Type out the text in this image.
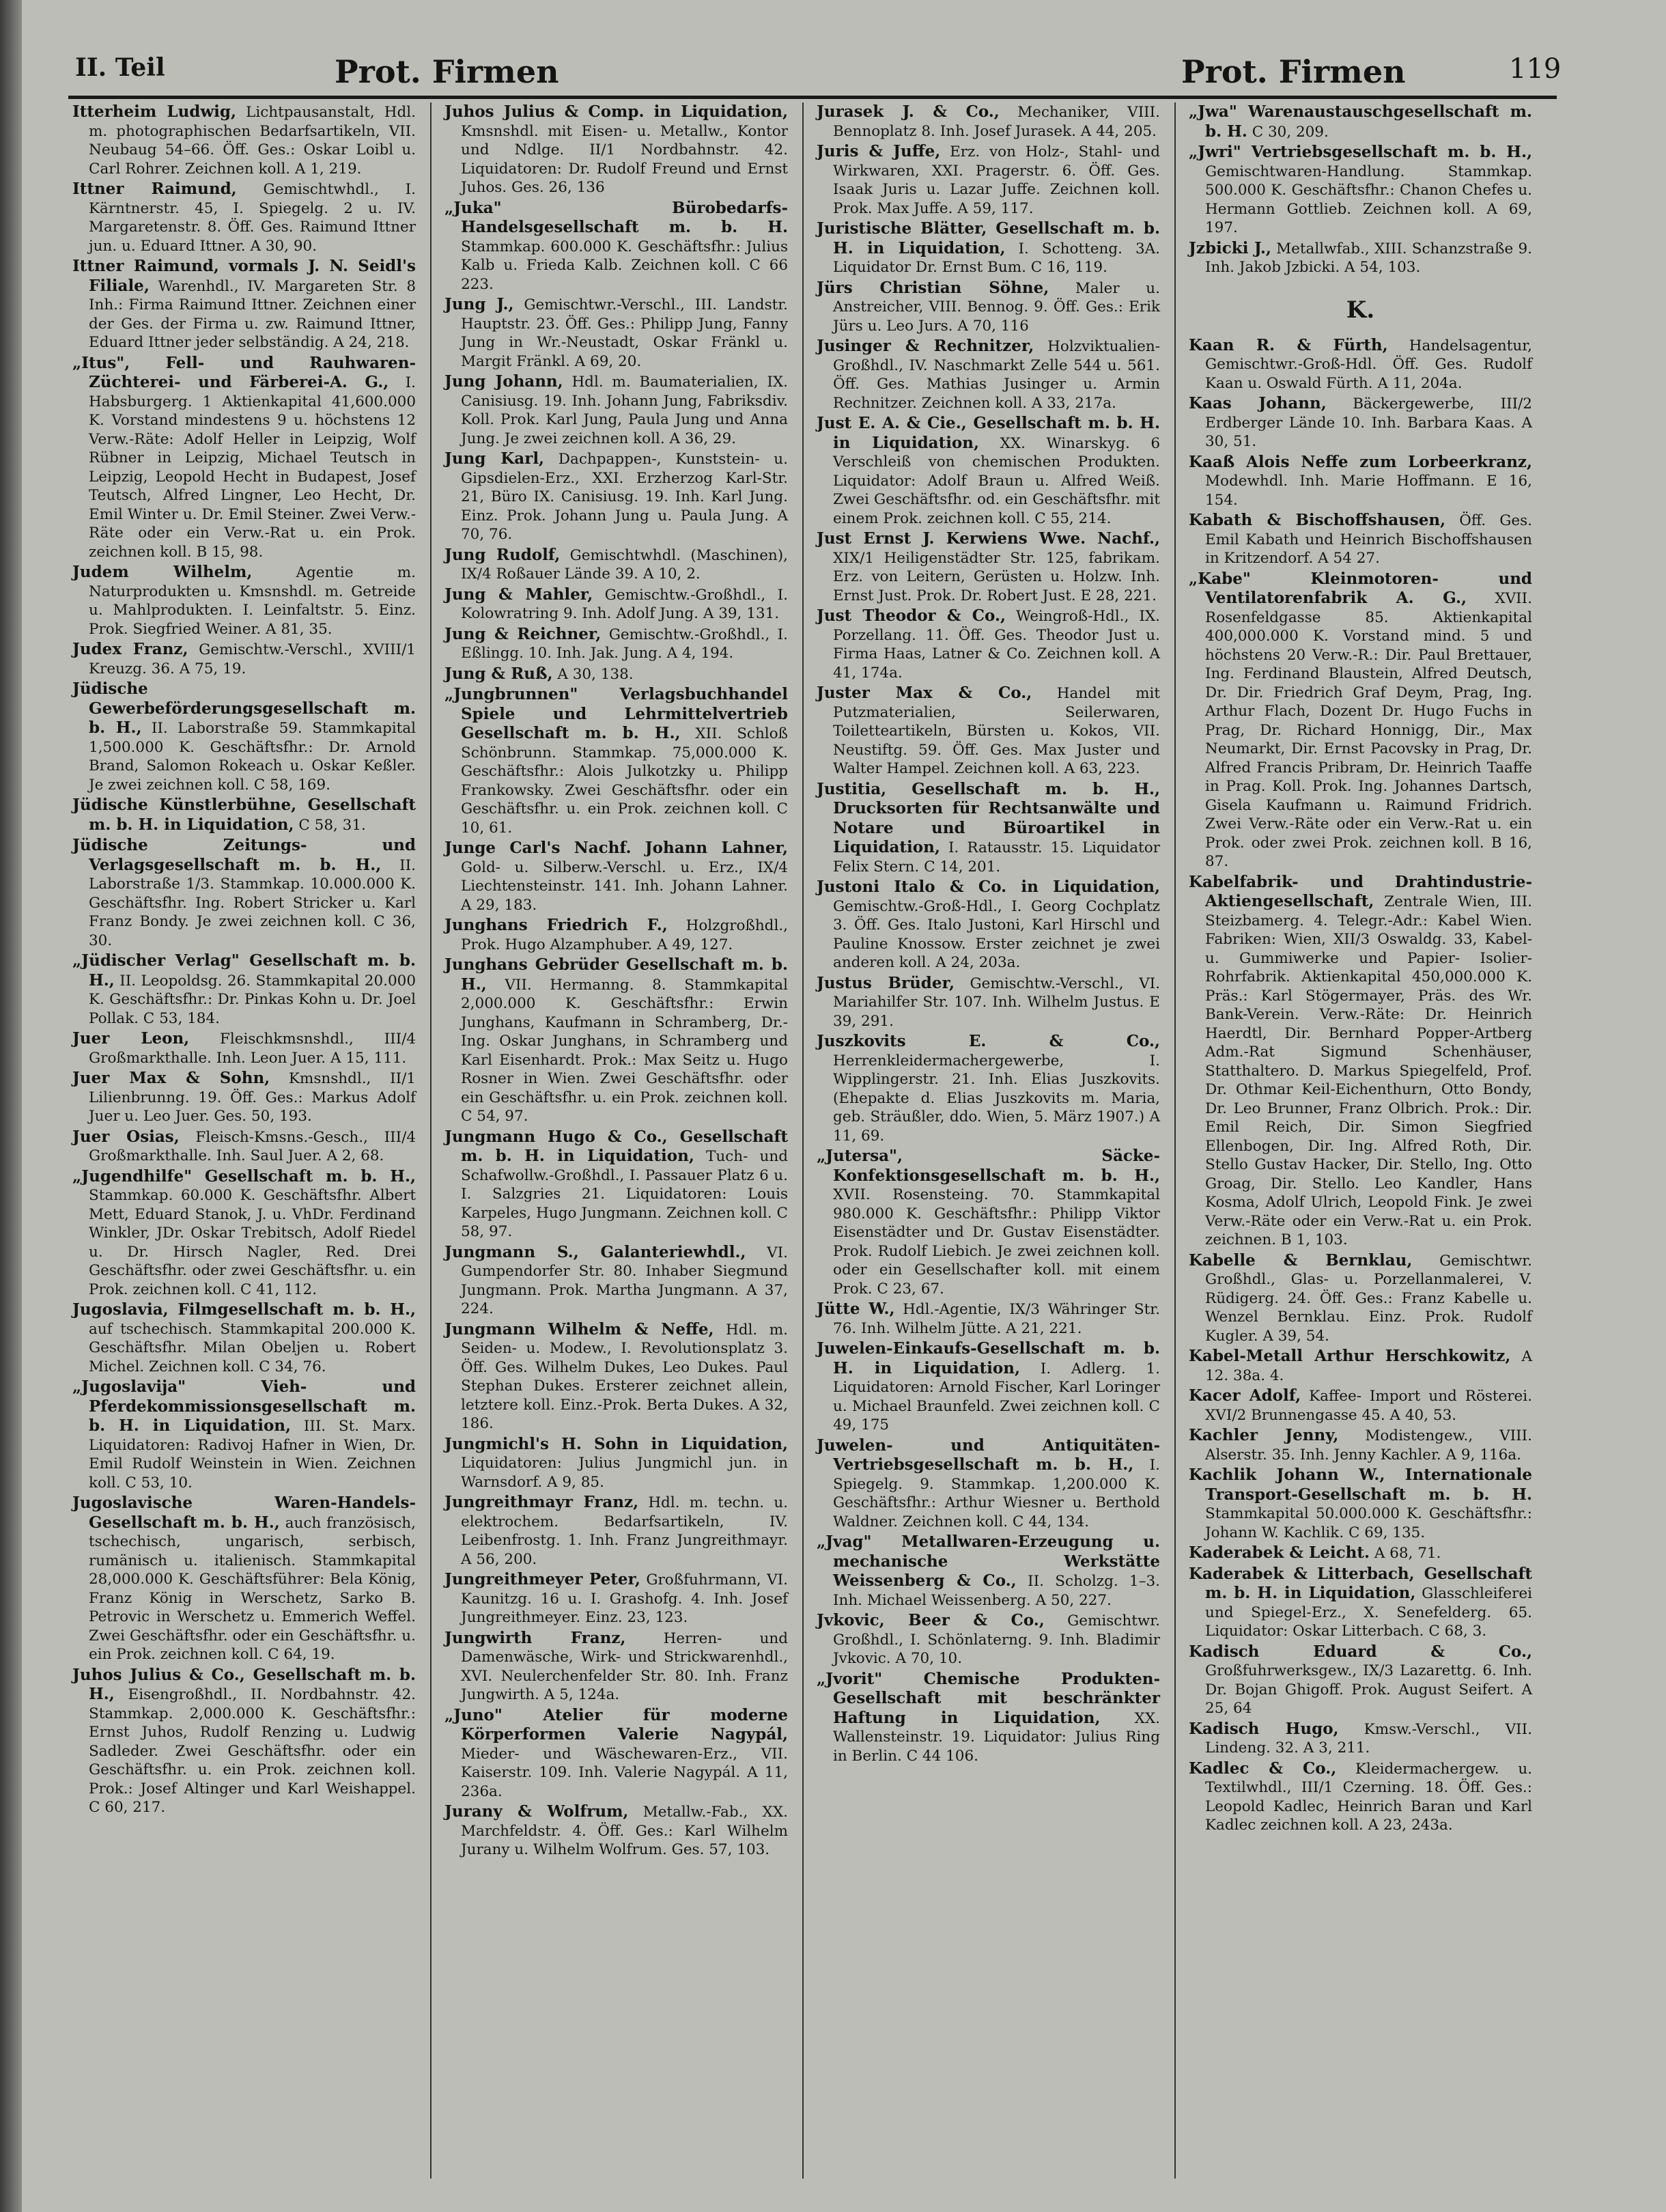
II. Teil	Prot. Firmen	Prot. Firmen	119

Itterheim Ludwig, Lichtpausanstalt, Hdl. m. photographischen Bedarfsartikeln, VII. Neubaug 54–66. Öff. Ges.: Oskar Loibl u. Carl Rohrer. Zeichnen koll. A 1, 219.

Ittner Raimund, Gemischtwhdl., I. Kärntnerstr. 45, I. Spiegelg. 2 u. IV. Margaretenstr. 8. Öff. Ges. Raimund Ittner jun. u. Eduard Ittner. A 30, 90.

Ittner Raimund, vormals J. N. Seidl's Filiale, Warenhdl., IV. Margareten Str. 8 Inh.: Firma Raimund Ittner. Zeichnen einer der Ges. der Firma u. zw. Raimund Ittner, Eduard Ittner jeder selbständig. A 24, 218.

„Itus", Fell- und Rauhwaren-Züchterei- und Färberei-A. G., I. Habsburgerg. 1 Aktienkapital 41,600.000 K. Vorstand mindestens 9 u. höchstens 12 Verw.-Räte: Adolf Heller in Leipzig, Wolf Rübner in Leipzig, Michael Teutsch in Leipzig, Leopold Hecht in Budapest, Josef Teutsch, Alfred Lingner, Leo Hecht, Dr. Emil Winter u. Dr. Emil Steiner. Zwei Verw.-Räte oder ein Verw.-Rat u. ein Prok. zeichnen koll. B 15, 98.

Judem Wilhelm,	Agentie m. Naturprodukten u. Kmsnshdl. m. Getreide u. Mahlprodukten. I. Leinfaltstr. 5. Einz. Prok. Siegfried Weiner. A 81, 35.

Judex Franz, Gemischtw.-Verschl., XVIII/1 Kreuzg. 36. A 75, 19.

Jüdische Gewerbeförderungsgesellschaft m. b. H., II. Laborstraße 59. Stammkapital 1,500.000 K. Geschäftsfhr.: Dr. Arnold Brand, Salomon Rokeach u. Oskar Keßler. Je zwei zeichnen koll. C 58, 169.

Jüdische Künstlerbühne, Gesellschaft m. b. H. in Liquidation, C 58, 31.

Jüdische Zeitungs- und Verlagsgesellschaft m. b. H., II. Laborstraße 1/3. Stammkap. 10.000.000 K. Geschäftsfhr. Ing. Robert Stricker u. Karl Franz Bondy. Je zwei zeichnen koll. C 36, 30.

„Jüdischer Verlag" Gesellschaft m. b. H., II. Leopoldsg. 26. Stammkapital 20.000 K. Geschäftsfhr.: Dr. Pinkas Kohn u. Dr. Joel Pollak. C 53, 184.

Juer Leon, Fleischkmsnshdl., III/4 Großmarkthalle. Inh. Leon Juer. A 15, 111.

Juer Max & Sohn, Kmsnshdl., II/1 Lilienbrunng. 19. Öff. Ges.: Markus Adolf Juer u. Leo Juer. Ges. 50, 193.

Juer Osias, Fleisch-Kmsns.-Gesch., III/4 Großmarkthalle. Inh. Saul Juer. A 2, 68.

„Jugendhilfe" Gesellschaft m. b. H., Stammkap. 60.000 K. Geschäftsfhr. Albert Mett, Eduard Stanok, J. u. VhDr. Ferdinand Winkler, JDr. Oskar Trebitsch, Adolf Riedel u. Dr. Hirsch Nagler, Red. Drei Geschäftsfhr. oder zwei Geschäftsfhr. u. ein Prok. zeichnen koll. C 41, 112.

Jugoslavia, Filmgesellschaft m. b. H., auf tschechisch. Stammkapital 200.000 K. Geschäftsfhr. Milan Obeljen u. Robert Michel. Zeichnen koll. C 34, 76.

„Jugoslavija" Vieh- und Pferdekommissionsgesellschaft m. b. H. in Liquidation, III. St. Marx. Liquidatoren: Radivoj Hafner in Wien, Dr. Emil Rudolf Weinstein in Wien. Zeichnen koll. C 53, 10.

Jugoslavische Waren-Handels-Gesellschaft m. b. H., auch französisch, tschechisch, ungarisch, serbisch, rumänisch u. italienisch. Stammkapital 28,000.000 K. Geschäftsführer: Bela König, Franz König in Werschetz, Sarko B. Petrovic in Werschetz u. Emmerich Weffel. Zwei Geschäftsfhr. oder ein Geschäftsfhr. u. ein Prok. zeichnen koll. C 64, 19.

Juhos Julius & Co., Gesellschaft m. b. H., Eisengroßhdl., II. Nordbahnstr. 42. Stammkap. 2,000.000 K. Geschäftsfhr.: Ernst Juhos, Rudolf Renzing u. Ludwig Sadleder. Zwei Geschäftsfhr. oder ein Geschäftsfhr. u. ein Prok. zeichnen koll. Prok.: Josef Altinger und Karl Weishappel. C 60, 217.

Juhos Julius & Comp. in Liquidation, Kmsnshdl. mit Eisen- u. Metallw., Kontor und Ndlge. II/1 Nordbahnstr. 42. Liquidatoren: Dr. Rudolf Freund und Ernst Juhos. Ges. 26, 136

„Juka" Bürobedarfs-Handelsgesellschaft m. b. H. Stammkap. 600.000 K. Geschäftsfhr.: Julius Kalb u. Frieda Kalb. Zeichnen koll. C 66 223.

Jung J., Gemischtwr.-Verschl., III. Landstr. Hauptstr. 23. Öff. Ges.: Philipp Jung, Fanny Jung in Wr.-Neustadt, Oskar Fränkl u. Margit Fränkl. A 69, 20.

Jung Johann, Hdl. m. Baumaterialien, IX. Canisiusg. 19. Inh. Johann Jung, Fabriksdiv. Koll. Prok. Karl Jung, Paula Jung und Anna Jung. Je zwei zeichnen koll. A 36, 29.

Jung Karl, Dachpappen-, Kunststein- u. Gipsdielen-Erz., XXI. Erzherzog Karl-Str. 21, Büro IX. Canisiusg. 19. Inh. Karl Jung. Einz. Prok. Johann Jung u. Paula Jung. A 70, 76.

Jung Rudolf, Gemischtwhdl. (Maschinen), IX/4 Roßauer Lände 39. A 10, 2.

Jung & Mahler, Gemischtw.-Großhdl., I. Kolowratring 9. Inh. Adolf Jung. A 39, 131.

Jung & Reichner, Gemischtw.-Großhdl., I. Eßlingg. 10. Inh. Jak. Jung. A 4, 194.

Jung & Ruß, A 30, 138.

„Jungbrunnen" Verlagsbuchhandel Spiele und Lehrmittelvertrieb Gesellschaft m. b. H., XII. Schloß Schönbrunn. Stammkap. 75,000.000 K. Geschäftsfhr.: Alois Julkotzky u. Philipp Frankowsky. Zwei Geschäftsfhr. oder ein Geschäftsfhr. u. ein Prok. zeichnen koll. C 10, 61.

Junge Carl's Nachf. Johann Lahner, Gold- u. Silberw.-Verschl. u. Erz., IX/4 Liechtensteinstr. 141. Inh. Johann Lahner. A 29, 183.

Junghans Friedrich F., Holzgroßhdl., Prok. Hugo Alzamphuber. A 49, 127.

Junghans Gebrüder Gesellschaft m. b. H., VII. Hermanng. 8. Stammkapital 2,000.000 K. Geschäftsfhr.: Erwin Junghans, Kaufmann in Schramberg, Dr.-Ing. Oskar Junghans, in Schramberg und Karl Eisenhardt. Prok.: Max Seitz u. Hugo Rosner in Wien. Zwei Geschäftsfhr. oder ein Geschäftsfhr. u. ein Prok. zeichnen koll. C 54, 97.

Jungmann Hugo & Co., Gesellschaft m. b. H. in Liquidation, Tuch- und Schafwollw.-Großhdl., I. Passauer Platz 6 u. I. Salzgries 21. Liquidatoren: Louis Karpeles, Hugo Jungmann. Zeichnen koll. C 58, 97.

Jungmann S., Galanteriewhdl., VI. Gumpendorfer Str. 80. Inhaber Siegmund Jungmann. Prok. Martha Jungmann. A 37, 224.

Jungmann Wilhelm & Neffe, Hdl. m. Seiden- u. Modew., I. Revolutionsplatz 3. Öff. Ges. Wilhelm Dukes, Leo Dukes. Paul Stephan Dukes. Ersterer zeichnet allein, letztere koll. Einz.-Prok. Berta Dukes. A 32, 186.

Jungmichl's H. Sohn in Liquidation, Liquidatoren: Julius Jungmichl jun. in Warnsdorf. A 9, 85.

Jungreithmayr Franz, Hdl. m. techn. u. elektrochem. Bedarfsartikeln, IV. Leibenfrostg. 1. Inh. Franz Jungreithmayr. A 56, 200.

Jungreithmeyer Peter, Großfuhrmann, VI. Kaunitzg. 16 u. I. Grashofg. 4. Inh. Josef Jungreithmeyer. Einz. 23, 123.

Jungwirth Franz,	Herren- und Damenwäsche, Wirk- und Strickwarenhdl., XVI. Neulerchenfelder Str. 80. Inh. Franz Jungwirth. A 5, 124a.

„Juno" Atelier für moderne Körperformen Valerie Nagypál, Mieder- und Wäschewaren-Erz., VII. Kaiserstr. 109. Inh. Valerie Nagypál. A 11, 236a.

Jurany & Wolfrum, Metallw.-Fab., XX. Marchfeldstr. 4. Öff. Ges.: Karl Wilhelm Jurany u. Wilhelm Wolfrum. Ges. 57, 103.

Jurasek J. & Co., Mechaniker, VIII. Bennoplatz 8. Inh. Josef Jurasek. A 44, 205.

Juris & Juffe, Erz. von Holz-, Stahl- und Wirkwaren, XXI. Pragerstr. 6. Öff. Ges. Isaak Juris u. Lazar Juffe. Zeichnen koll. Prok. Max Juffe. A 59, 117.

Juristische Blätter, Gesellschaft m. b. H. in Liquidation, I. Schotteng. 3A. Liquidator Dr. Ernst Bum. C 16, 119.

Jürs Christian Söhne, Maler u. Anstreicher, VIII. Bennog. 9. Öff. Ges.: Erik Jürs u. Leo Jurs. A 70, 116

Jusinger & Rechnitzer, Holzviktualien-Großhdl., IV. Naschmarkt Zelle 544 u. 561. Öff. Ges. Mathias Jusinger u. Armin Rechnitzer. Zeichnen koll. A 33, 217a.

Just E. A. & Cie., Gesellschaft m. b. H. in Liquidation, XX. Winarskyg. 6 Verschleiß von chemischen Produkten. Liquidator: Adolf Braun u. Alfred Weiß. Zwei Geschäftsfhr. od. ein Geschäftsfhr. mit einem Prok. zeichnen koll. C 55, 214.

Just Ernst J. Kerwiens Wwe. Nachf., XIX/1 Heiligenstädter Str. 125, fabrikam. Erz. von Leitern, Gerüsten u. Holzw. Inh. Ernst Just. Prok. Dr. Robert Just. E 28, 221.

Just Theodor & Co., Weingroß-Hdl., IX. Porzellang. 11. Öff. Ges. Theodor Just u. Firma Haas, Latner & Co. Zeichnen koll. A 41, 174a.

Juster Max & Co., Handel mit Putzmaterialien, Seilerwaren, Toiletteartikeln, Bürsten u. Kokos, VII. Neustiftg. 59. Öff. Ges. Max Juster und Walter Hampel. Zeichnen koll. A 63, 223.

Justitia, Gesellschaft m. b. H., Drucksorten für Rechtsanwälte und Notare und Büroartikel in Liquidation, I. Ratausstr. 15. Liquidator Felix Stern. C 14, 201.

Justoni Italo & Co. in Liquidation, Gemischtw.-Groß-Hdl., I. Georg Cochplatz 3. Öff. Ges. Italo Justoni, Karl Hirschl und Pauline Knossow. Erster zeichnet je zwei anderen koll. A 24, 203a.

Justus Brüder, Gemischtw.-Verschl., VI. Mariahilfer Str. 107. Inh. Wilhelm Justus. E 39, 291.

Juszkovits E. & Co., Herrenkleidermachergewerbe, I. Wipplingerstr. 21. Inh. Elias Juszkovits. (Ehepakte d. Elias Juszkovits m. Maria, geb. Sträußler, ddo. Wien, 5. März 1907.) A 11, 69.

„Jutersa", Säcke-Konfektionsgesellschaft m. b. H., XVII. Rosensteing. 70. Stammkapital 980.000 K. Geschäftsfhr.: Philipp Viktor Eisenstädter und Dr. Gustav Eisenstädter. Prok. Rudolf Liebich. Je zwei zeichnen koll. oder ein Gesellschafter koll. mit einem Prok. C 23, 67.

Jütte W., Hdl.-Agentie, IX/3 Währinger Str. 76. Inh. Wilhelm Jütte. A 21, 221.

Juwelen-Einkaufs-Gesellschaft m. b. H. in Liquidation, I. Adlerg. 1. Liquidatoren: Arnold Fischer, Karl Loringer u. Michael Braunfeld. Zwei zeichnen koll. C 49, 175

Juwelen- und Antiquitäten-Vertriebsgesellschaft m. b. H., I. Spiegelg. 9. Stammkap. 1,200.000 K. Geschäftsfhr.: Arthur Wiesner u. Berthold Waldner. Zeichnen koll. C 44, 134.

„Jvag" Metallwaren-Erzeugung u. mechanische Werkstätte Weissenberg & Co., II. Scholzg. 1–3. Inh. Michael Weissenberg. A 50, 227.

Jvkovic, Beer & Co., Gemischtwr. Großhdl., I. Schönlaterng. 9. Inh. Bladimir Jvkovic. A 70, 10.

„Jvorit" Chemische Produkten-Gesellschaft mit beschränkter Haftung in Liquidation, XX. Wallensteinstr. 19. Liquidator: Julius Ring in Berlin. C 44 106.

„Jwa" Warenaustauschgesellschaft m. b. H. C 30, 209.

„Jwri" Vertriebsgesellschaft m. b. H., Gemischtwaren-Handlung. Stammkap. 500.000 K. Geschäftsfhr.: Chanon Chefes u. Hermann Gottlieb. Zeichnen koll. A 69, 197.

Jzbicki J., Metallwfab., XIII. Schanzstraße 9. Inh. Jakob Jzbicki. A 54, 103.

K.

Kaan R. & Fürth, Handelsagentur, Gemischtwr.-Groß-Hdl. Öff. Ges. Rudolf Kaan u. Oswald Fürth. A 11, 204a.

Kaas Johann, Bäckergewerbe, III/2 Erdberger Lände 10. Inh. Barbara Kaas. A 30, 51.

Kaaß Alois Neffe zum Lorbeerkranz, Modewhdl. Inh. Marie Hoffmann. E 16, 154.

Kabath & Bischoffshausen, Öff. Ges. Emil Kabath und Heinrich Bischoffshausen in Kritzendorf. A 54 27.

„Kabe" Kleinmotoren- und Ventilatorenfabrik A. G., XVII. Rosenfeldgasse 85. Aktienkapital 400,000.000 K. Vorstand mind. 5 und höchstens 20 Verw.-R.: Dir. Paul Brettauer, Ing. Ferdinand Blaustein, Alfred Deutsch, Dr. Dir. Friedrich Graf Deym, Prag, Ing. Arthur Flach, Dozent Dr. Hugo Fuchs in Prag, Dr. Richard Honnigg, Dir., Max Neumarkt, Dir. Ernst Pacovsky in Prag, Dr. Alfred Francis Pribram, Dr. Heinrich Taaffe in Prag. Koll. Prok. Ing. Johannes Dartsch, Gisela Kaufmann u. Raimund Fridrich. Zwei Verw.-Räte oder ein Verw.-Rat u. ein Prok. oder zwei Prok. zeichnen koll. B 16, 87.

Kabelfabrik- und Drahtindustrie-Aktiengesellschaft, Zentrale Wien, III. Steizbamerg. 4. Telegr.-Adr.: Kabel Wien. Fabriken: Wien, XII/3 Oswaldg. 33, Kabel- u. Gummiwerke und Papier- Isolier- Rohrfabrik. Aktienkapital 450,000.000 K. Präs.: Karl Stögermayer, Präs. des Wr. Bank-Verein. Verw.-Räte: Dr. Heinrich Haerdtl, Dir. Bernhard Popper-Artberg Adm.-Rat Sigmund Schenhäuser, Statthaltero. D. Markus Spiegelfeld, Prof. Dr. Othmar Keil-Eichenthurn, Otto Bondy, Dr. Leo Brunner, Franz Olbrich. Prok.: Dir. Emil Reich, Dir. Simon Siegfried Ellenbogen, Dir. Ing. Alfred Roth, Dir. Stello Gustav Hacker, Dir. Stello, Ing. Otto Groag, Dir. Stello. Leo Kandler, Hans Kosma, Adolf Ulrich, Leopold Fink. Je zwei Verw.-Räte oder ein Verw.-Rat u. ein Prok. zeichnen. B 1, 103.

Kabelle & Bernklau, Gemischtwr. Großhdl., Glas- u. Porzellanmalerei, V. Rüdigerg. 24. Öff. Ges.: Franz Kabelle u. Wenzel Bernklau. Einz. Prok. Rudolf Kugler. A 39, 54.

Kabel-Metall Arthur Herschkowitz, A 12. 38a. 4.

Kacer Adolf, Kaffee- Import und Rösterei. XVI/2 Brunnengasse 45. A 40, 53.

Kachler Jenny, Modistengew., VIII. Alserstr. 35. Inh. Jenny Kachler. A 9, 116a.

Kachlik Johann W., Internationale Transport-Gesellschaft m. b. H. Stammkapital 50.000.000 K. Geschäftsfhr.: Johann W. Kachlik. C 69, 135.

Kaderabek & Leicht. A 68, 71.

Kaderabek & Litterbach, Gesellschaft m. b. H. in Liquidation, Glasschleiferei und Spiegel-Erz., X. Senefelderg. 65. Liquidator: Oskar Litterbach. C 68, 3.

Kadisch Eduard & Co., Großfuhrwerksgew., IX/3 Lazarettg. 6. Inh. Dr. Bojan Ghigoff. Prok. August Seifert. A 25, 64

Kadisch Hugo, Kmsw.-Verschl., VII. Lindeng. 32. A 3, 211.

Kadlec & Co., Kleidermachergew. u. Textilwhdl., III/1 Czerning. 18. Öff. Ges.: Leopold Kadlec, Heinrich Baran und Karl Kadlec zeichnen koll. A 23, 243a.
